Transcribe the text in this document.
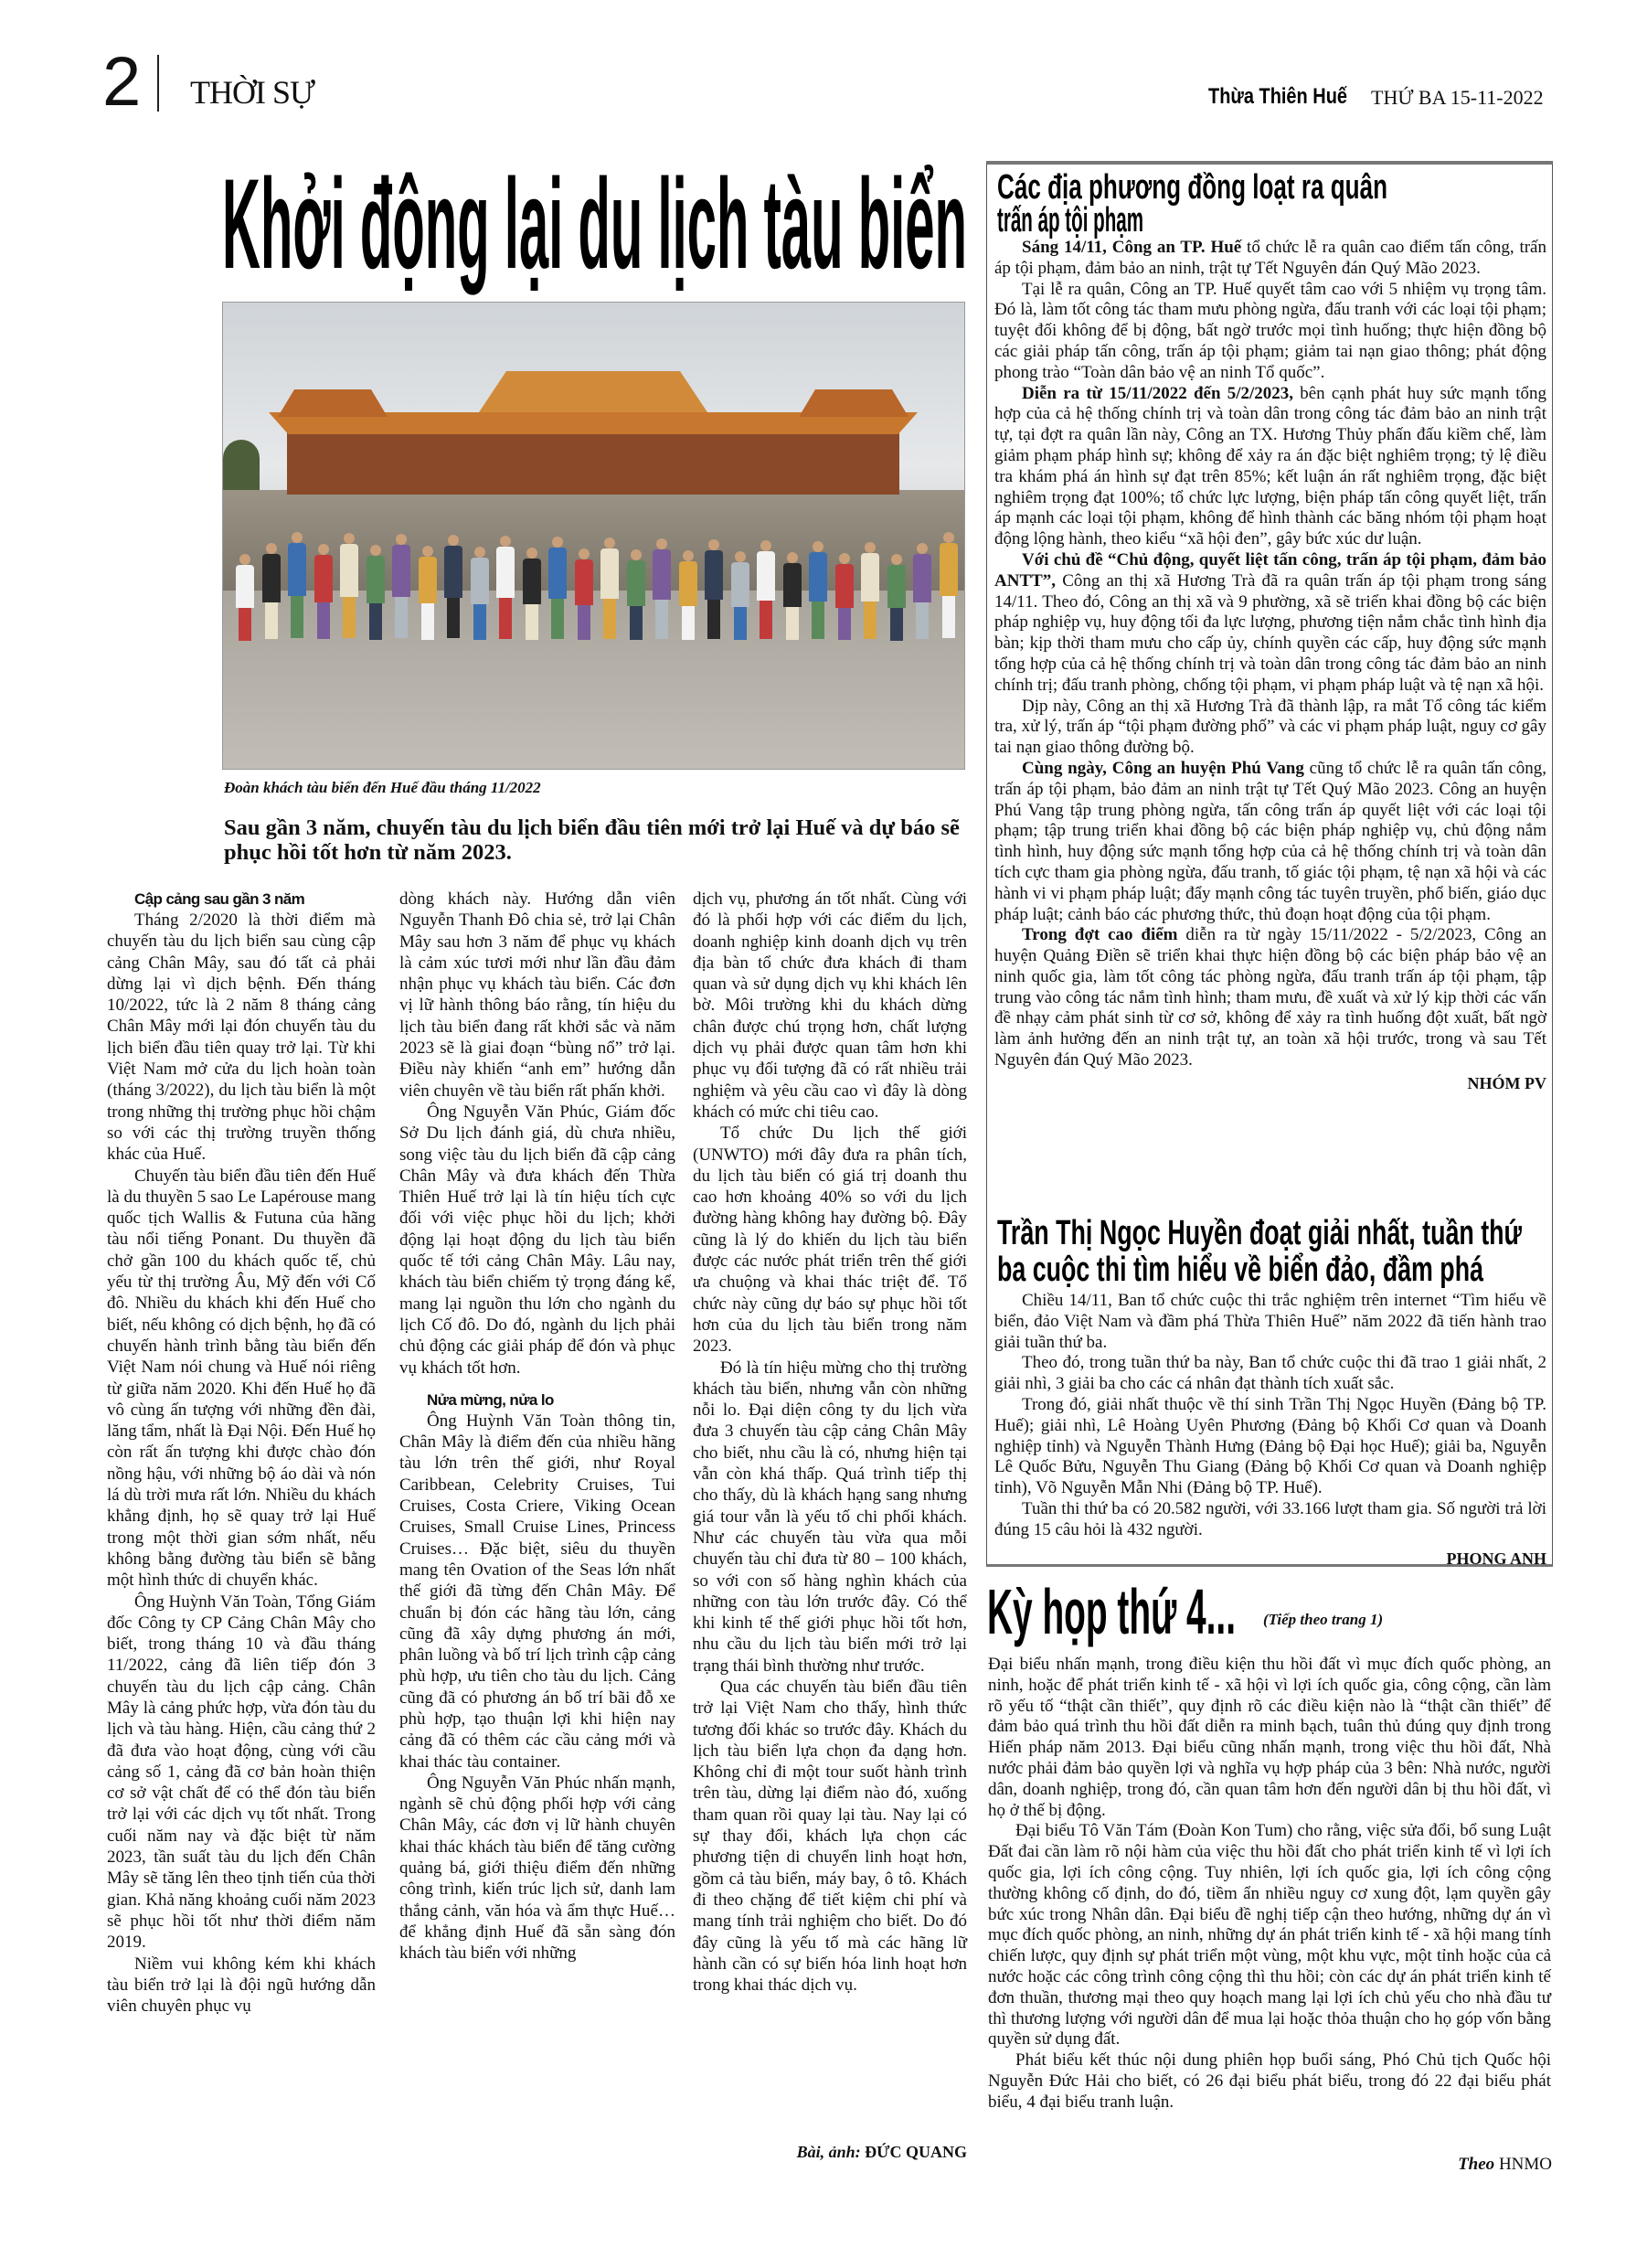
2 THỜI SỰ	Thừa Thiên Huế THỨ BA 15-11-2022
Khởi động lại du lịch tàu biển
Đoàn khách tàu biển đến Huế đầu tháng 11/2022
Sau gần 3 năm, chuyến tàu du lịch biển đầu tiên mới trở lại Huế và dự báo sẽ phục hồi tốt hơn từ năm 2023.

Cập cảng sau gần 3 năm

Tháng 2/2020 là thời điểm mà chuyến tàu du lịch biển sau cùng cập cảng Chân Mây, sau đó tất cả phải dừng lại vì dịch bệnh. Đến tháng 10/2022, tức là 2 năm 8 tháng cảng Chân Mây mới lại đón chuyến tàu du lịch biển đầu tiên quay trở lại. Từ khi Việt Nam mở cửa du lịch hoàn toàn (tháng 3/2022), du lịch tàu biển là một trong những thị trường phục hồi chậm so với các thị trường truyền thống khác của Huế.

Chuyến tàu biển đầu tiên đến Huế là du thuyền 5 sao Le Lapérouse mang quốc tịch Wallis & Futuna của hãng tàu nổi tiếng Ponant. Du thuyền đã chở gần 100 du khách quốc tế, chủ yếu từ thị trường Âu, Mỹ đến với Cố đô. Nhiều du khách khi đến Huế cho biết, nếu không có dịch bệnh, họ đã có chuyến hành trình bằng tàu biển đến Việt Nam nói chung và Huế nói riêng từ giữa năm 2020. Khi đến Huế họ đã vô cùng ấn tượng với những đền đài, lăng tẩm, nhất là Đại Nội. Đến Huế họ còn rất ấn tượng khi được chào đón nồng hậu, với những bộ áo dài và nón lá dù trời mưa rất lớn. Nhiều du khách khẳng định, họ sẽ quay trở lại Huế trong một thời gian sớm nhất, nếu không bằng đường tàu biển sẽ bằng một hình thức di chuyển khác.

Ông Huỳnh Văn Toàn, Tổng Giám đốc Công ty CP Cảng Chân Mây cho biết, trong tháng 10 và đầu tháng 11/2022, cảng đã liên tiếp đón 3 chuyến tàu du lịch cập cảng. Chân Mây là cảng phức hợp, vừa đón tàu du lịch và tàu hàng. Hiện, cầu cảng thứ 2 đã đưa vào hoạt động, cùng với cầu cảng số 1, cảng đã cơ bản hoàn thiện cơ sở vật chất để có thể đón tàu biển trở lại với các dịch vụ tốt nhất. Trong cuối năm nay và đặc biệt từ năm 2023, tần suất tàu du lịch đến Chân Mây sẽ tăng lên theo tịnh tiến của thời gian. Khả năng khoảng cuối năm 2023 sẽ phục hồi tốt như thời điểm năm 2019.

Niềm vui không kém khi khách tàu biển trở lại là đội ngũ hướng dẫn viên chuyên phục vụ

dòng khách này. Hướng dẫn viên Nguyễn Thanh Đô chia sẻ, trở lại Chân Mây sau hơn 3 năm để phục vụ khách là cảm xúc tươi mới như lần đầu đảm nhận phục vụ khách tàu biển. Các đơn vị lữ hành thông báo rằng, tín hiệu du lịch tàu biển đang rất khởi sắc và năm 2023 sẽ là giai đoạn “bùng nổ” trở lại. Điều này khiến “anh em” hướng dẫn viên chuyên về tàu biển rất phấn khởi.

Ông Nguyễn Văn Phúc, Giám đốc Sở Du lịch đánh giá, dù chưa nhiều, song việc tàu du lịch biển đã cập cảng Chân Mây và đưa khách đến Thừa Thiên Huế trở lại là tín hiệu tích cực đối với việc phục hồi du lịch; khởi động lại hoạt động du lịch tàu biển quốc tế tới cảng Chân Mây. Lâu nay, khách tàu biển chiếm tỷ trọng đáng kể, mang lại nguồn thu lớn cho ngành du lịch Cố đô. Do đó, ngành du lịch phải chủ động các giải pháp để đón và phục vụ khách tốt hơn.

Nửa mừng, nửa lo

Ông Huỳnh Văn Toàn thông tin, Chân Mây là điểm đến của nhiều hãng tàu lớn trên thế giới, như Royal Caribbean, Celebrity Cruises, Tui Cruises, Costa Criere, Viking Ocean Cruises, Small Cruise Lines, Princess Cruises… Đặc biệt, siêu du thuyền mang tên Ovation of the Seas lớn nhất thế giới đã từng đến Chân Mây. Để chuẩn bị đón các hãng tàu lớn, cảng cũng đã xây dựng phương án mới, phân luồng và bố trí lịch trình cập cảng phù hợp, ưu tiên cho tàu du lịch. Cảng cũng đã có phương án bố trí bãi đỗ xe phù hợp, tạo thuận lợi khi hiện nay cảng đã có thêm các cầu cảng mới và khai thác tàu container.

Ông Nguyễn Văn Phúc nhấn mạnh, ngành sẽ chủ động phối hợp với cảng Chân Mây, các đơn vị lữ hành chuyên khai thác khách tàu biển để tăng cường quảng bá, giới thiệu điểm đến những công trình, kiến trúc lịch sử, danh lam thắng cảnh, văn hóa và ẩm thực Huế… để khẳng định Huế đã sẵn sàng đón khách tàu biển với những

dịch vụ, phương án tốt nhất. Cùng với đó là phối hợp với các điểm du lịch, doanh nghiệp kinh doanh dịch vụ trên địa bàn tổ chức đưa khách đi tham quan và sử dụng dịch vụ khi khách lên bờ. Môi trường khi du khách dừng chân được chú trọng hơn, chất lượng dịch vụ phải được quan tâm hơn khi phục vụ đối tượng đã có rất nhiều trải nghiệm và yêu cầu cao vì đây là dòng khách có mức chi tiêu cao.

Tổ chức Du lịch thế giới (UNWTO) mới đây đưa ra phân tích, du lịch tàu biển có giá trị doanh thu cao hơn khoảng 40% so với du lịch đường hàng không hay đường bộ. Đây cũng là lý do khiến du lịch tàu biển được các nước phát triển trên thế giới ưa chuộng và khai thác triệt để. Tổ chức này cũng dự báo sự phục hồi tốt hơn của du lịch tàu biển trong năm 2023.

Đó là tín hiệu mừng cho thị trường khách tàu biển, nhưng vẫn còn những nỗi lo. Đại diện công ty du lịch vừa đưa 3 chuyến tàu cập cảng Chân Mây cho biết, nhu cầu là có, nhưng hiện tại vẫn còn khá thấp. Quá trình tiếp thị cho thấy, dù là khách hạng sang nhưng giá tour vẫn là yếu tố chi phối khách. Như các chuyến tàu vừa qua mỗi chuyến tàu chỉ đưa từ 80 – 100 khách, so với con số hàng nghìn khách của những con tàu lớn trước đây. Có thể khi kinh tế thế giới phục hồi tốt hơn, nhu cầu du lịch tàu biển mới trở lại trạng thái bình thường như trước.

Qua các chuyến tàu biển đầu tiên trở lại Việt Nam cho thấy, hình thức tương đối khác so trước đây. Khách du lịch tàu biển lựa chọn đa dạng hơn. Không chỉ đi một tour suốt hành trình trên tàu, dừng lại điểm nào đó, xuống tham quan rồi quay lại tàu. Nay lại có sự thay đổi, khách lựa chọn các phương tiện di chuyển linh hoạt hơn, gồm cả tàu biển, máy bay, ô tô. Khách đi theo chặng để tiết kiệm chi phí và mang tính trải nghiệm cho biết. Do đó đây cũng là yếu tố mà các hãng lữ hành cần có sự biến hóa linh hoạt hơn trong khai thác dịch vụ.

Bài, ảnh: ĐỨC QUANG
Các địa phương đồng loạt ra quân
trấn áp tội phạm

Sáng 14/11, Công an TP. Huế tổ chức lễ ra quân cao điểm tấn công, trấn áp tội phạm, đảm bảo an ninh, trật tự Tết Nguyên đán Quý Mão 2023.

Tại lễ ra quân, Công an TP. Huế quyết tâm cao với 5 nhiệm vụ trọng tâm. Đó là, làm tốt công tác tham mưu phòng ngừa, đấu tranh với các loại tội phạm; tuyệt đối không để bị động, bất ngờ trước mọi tình huống; thực hiện đồng bộ các giải pháp tấn công, trấn áp tội phạm; giảm tai nạn giao thông; phát động phong trào “Toàn dân bảo vệ an ninh Tổ quốc”.

Diễn ra từ 15/11/2022 đến 5/2/2023, bên cạnh phát huy sức mạnh tổng hợp của cả hệ thống chính trị và toàn dân trong công tác đảm bảo an ninh trật tự, tại đợt ra quân lần này, Công an TX. Hương Thủy phấn đấu kiềm chế, làm giảm phạm pháp hình sự; không để xảy ra án đặc biệt nghiêm trọng; tỷ lệ điều tra khám phá án hình sự đạt trên 85%; kết luận án rất nghiêm trọng, đặc biệt nghiêm trọng đạt 100%; tổ chức lực lượng, biện pháp tấn công quyết liệt, trấn áp mạnh các loại tội phạm, không để hình thành các băng nhóm tội phạm hoạt động lộng hành, theo kiểu “xã hội đen”, gây bức xúc dư luận.

Với chủ đề “Chủ động, quyết liệt tấn công, trấn áp tội phạm, đảm bảo ANTT”, Công an thị xã Hương Trà đã ra quân trấn áp tội phạm trong sáng 14/11. Theo đó, Công an thị xã và 9 phường, xã sẽ triển khai đồng bộ các biện pháp nghiệp vụ, huy động tối đa lực lượng, phương tiện nắm chắc tình hình địa bàn; kịp thời tham mưu cho cấp ủy, chính quyền các cấp, huy động sức mạnh tổng hợp của cả hệ thống chính trị và toàn dân trong công tác đảm bảo an ninh chính trị; đấu tranh phòng, chống tội phạm, vi phạm pháp luật và tệ nạn xã hội.

Dịp này, Công an thị xã Hương Trà đã thành lập, ra mắt Tổ công tác kiểm tra, xử lý, trấn áp “tội phạm đường phố” và các vi phạm pháp luật, nguy cơ gây tai nạn giao thông đường bộ.

Cùng ngày, Công an huyện Phú Vang cũng tổ chức lễ ra quân tấn công, trấn áp tội phạm, bảo đảm an ninh trật tự Tết Quý Mão 2023. Công an huyện Phú Vang tập trung phòng ngừa, tấn công trấn áp quyết liệt với các loại tội phạm; tập trung triển khai đồng bộ các biện pháp nghiệp vụ, chủ động nắm tình hình, huy động sức mạnh tổng hợp của cả hệ thống chính trị và toàn dân tích cực tham gia phòng ngừa, đấu tranh, tố giác tội phạm, tệ nạn xã hội và các hành vi vi phạm pháp luật; đẩy mạnh công tác tuyên truyền, phổ biến, giáo dục pháp luật; cảnh báo các phương thức, thủ đoạn hoạt động của tội phạm.

Trong đợt cao điểm diễn ra từ ngày 15/11/2022 - 5/2/2023, Công an huyện Quảng Điền sẽ triển khai thực hiện đồng bộ các biện pháp bảo vệ an ninh quốc gia, làm tốt công tác phòng ngừa, đấu tranh trấn áp tội phạm, tập trung vào công tác nắm tình hình; tham mưu, đề xuất và xử lý kịp thời các vấn đề nhạy cảm phát sinh từ cơ sở, không để xảy ra tình huống đột xuất, bất ngờ làm ảnh hưởng đến an ninh trật tự, an toàn xã hội trước, trong và sau Tết Nguyên đán Quý Mão 2023.

NHÓM PV

Trần Thị Ngọc Huyền đoạt giải nhất, tuần thứ
ba cuộc thi tìm hiểu về biển đảo, đầm phá

Chiều 14/11, Ban tổ chức cuộc thi trắc nghiệm trên internet “Tìm hiểu về biển, đảo Việt Nam và đầm phá Thừa Thiên Huế” năm 2022 đã tiến hành trao giải tuần thứ ba.

Theo đó, trong tuần thứ ba này, Ban tổ chức cuộc thi đã trao 1 giải nhất, 2 giải nhì, 3 giải ba cho các cá nhân đạt thành tích xuất sắc.

Trong đó, giải nhất thuộc về thí sinh Trần Thị Ngọc Huyền (Đảng bộ TP. Huế); giải nhì, Lê Hoàng Uyên Phương (Đảng bộ Khối Cơ quan và Doanh nghiệp tỉnh) và Nguyễn Thành Hưng (Đảng bộ Đại học Huế); giải ba, Nguyễn Lê Quốc Bửu, Nguyễn Thu Giang (Đảng bộ Khối Cơ quan và Doanh nghiệp tỉnh), Võ Nguyễn Mẫn Nhi (Đảng bộ TP. Huế).

Tuần thi thứ ba có 20.582 người, với 33.166 lượt tham gia. Số người trả lời đúng 15 câu hỏi là 432 người.

PHONG ANH

Kỳ họp thứ 4... (Tiếp theo trang 1)

Đại biểu nhấn mạnh, trong điều kiện thu hồi đất vì mục đích quốc phòng, an ninh, hoặc để phát triển kinh tế - xã hội vì lợi ích quốc gia, công cộng, cần làm rõ yếu tố “thật cần thiết”, quy định rõ các điều kiện nào là “thật cần thiết” để đảm bảo quá trình thu hồi đất diễn ra minh bạch, tuân thủ đúng quy định trong Hiến pháp năm 2013. Đại biểu cũng nhấn mạnh, trong việc thu hồi đất, Nhà nước phải đảm bảo quyền lợi và nghĩa vụ hợp pháp của 3 bên: Nhà nước, người dân, doanh nghiệp, trong đó, cần quan tâm hơn đến người dân bị thu hồi đất, vì họ ở thế bị động.

Đại biểu Tô Văn Tám (Đoàn Kon Tum) cho rằng, việc sửa đổi, bổ sung Luật Đất đai cần làm rõ nội hàm của việc thu hồi đất cho phát triển kinh tế vì lợi ích quốc gia, lợi ích công cộng. Tuy nhiên, lợi ích quốc gia, lợi ích công cộng thường không cố định, do đó, tiềm ẩn nhiều nguy cơ xung đột, lạm quyền gây bức xúc trong Nhân dân. Đại biểu đề nghị tiếp cận theo hướng, những dự án vì mục đích quốc phòng, an ninh, những dự án phát triển kinh tế - xã hội mang tính chiến lược, quy định sự phát triển một vùng, một khu vực, một tỉnh hoặc của cả nước hoặc các công trình công cộng thì thu hồi; còn các dự án phát triển kinh tế đơn thuần, thương mại theo quy hoạch mang lại lợi ích chủ yếu cho nhà đầu tư thì thương lượng với người dân để mua lại hoặc thỏa thuận cho họ góp vốn bằng quyền sử dụng đất.

Phát biểu kết thúc nội dung phiên họp buổi sáng, Phó Chủ tịch Quốc hội Nguyễn Đức Hải cho biết, có 26 đại biểu phát biểu, trong đó 22 đại biểu phát biểu, 4 đại biểu tranh luận.

Theo HNMO
